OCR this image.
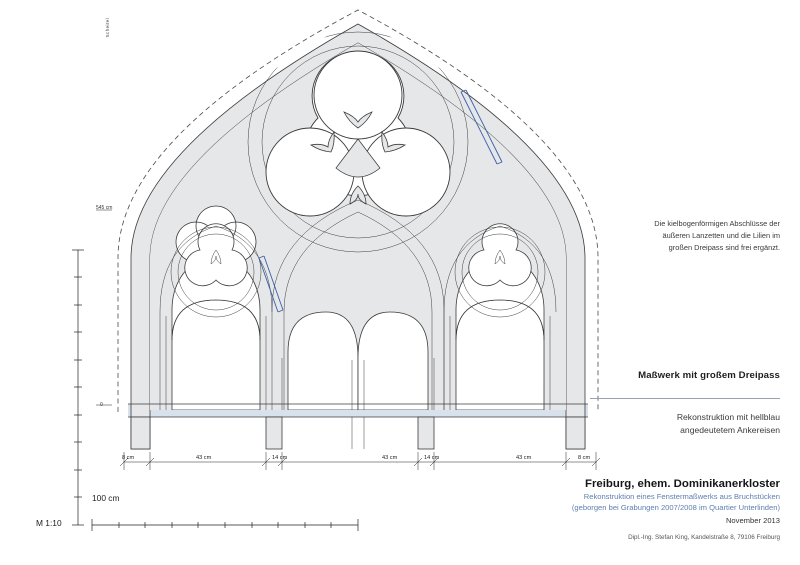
8 cm	43 cm	14 cm	43 cm	14 cm	43 cm	8 cm
Die kielbogenförmigen Abschlüsse der
äußeren Lanzetten und die Lilien im
großen Dreipass sind frei ergänzt.
Maßwerk mit großem Dreipass
Rekonstruktion mit hellblau
angedeutetem Ankereisen
Freiburg, ehem. Dominikanerkloster
Rekonstruktion eines Fenstermaßwerks aus Bruchstücken
(geborgen bei Grabungen 2007/2008 im Quartier Unterlinden)
November 2013
Dipl.-Ing. Stefan King, Kandelstraße 8, 79106 Freiburg
M 1:10
100 cm
545 cm
0
Scheitel
